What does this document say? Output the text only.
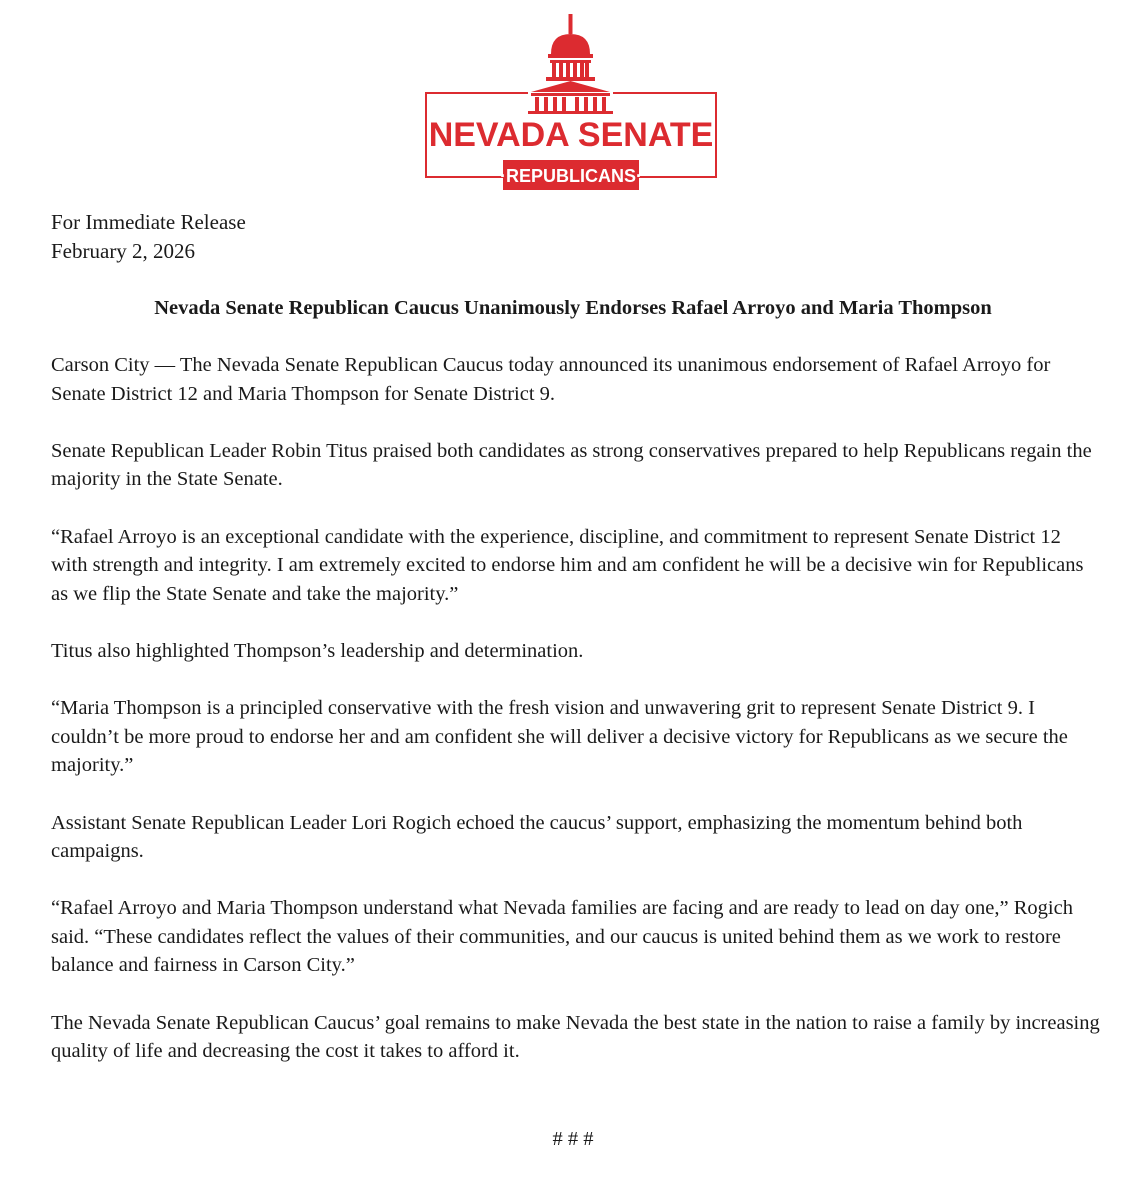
NEVADA SENATE
·REPUBLICANS·
For Immediate Release
February 2, 2026
Nevada Senate Republican Caucus Unanimously Endorses Rafael Arroyo and Maria Thompson

Carson City — The Nevada Senate Republican Caucus today announced its unanimous endorsement of Rafael Arroyo for Senate District 12 and Maria Thompson for Senate District 9.

Senate Republican Leader Robin Titus praised both candidates as strong conservatives prepared to help Republicans regain the majority in the State Senate.

“Rafael Arroyo is an exceptional candidate with the experience, discipline, and commitment to represent Senate District 12 with strength and integrity. I am extremely excited to endorse him and am confident he will be a decisive win for Republicans as we flip the State Senate and take the majority.”

Titus also highlighted Thompson’s leadership and determination.

“Maria Thompson is a principled conservative with the fresh vision and unwavering grit to represent Senate District 9. I couldn’t be more proud to endorse her and am confident she will deliver a decisive victory for Republicans as we secure the majority.”

Assistant Senate Republican Leader Lori Rogich echoed the caucus’ support, emphasizing the momentum behind both campaigns.

“Rafael Arroyo and Maria Thompson understand what Nevada families are facing and are ready to lead on day one,” Rogich said. “These candidates reflect the values of their communities, and our caucus is united behind them as we work to restore balance and fairness in Carson City.”

The Nevada Senate Republican Caucus’ goal remains to make Nevada the best state in the nation to raise a family by increasing quality of life and decreasing the cost it takes to afford it.

# # #
